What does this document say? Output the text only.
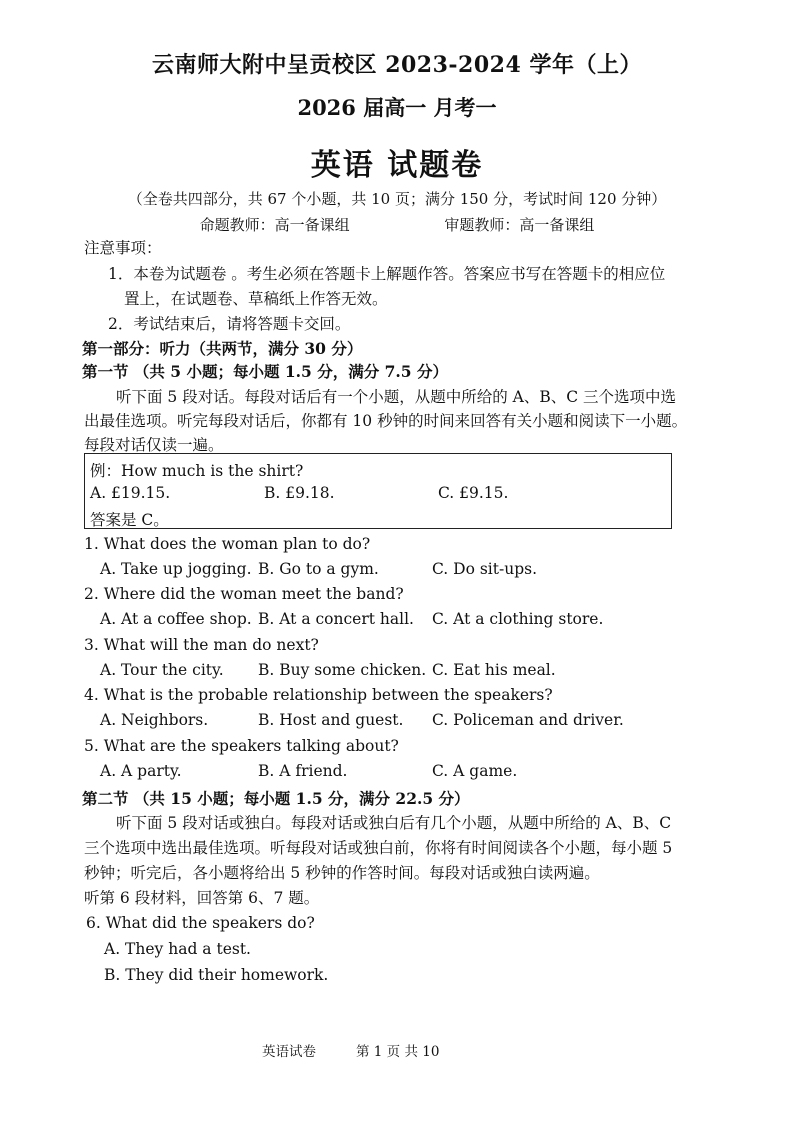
云南师大附中呈贡校区 2023-2024 学年（上）
2026 届高一 月考一
英语 试题卷
（全卷共四部分，共 67 个小题，共 10 页；满分 150 分，考试时间 120 分钟）
命题教师：高一备课组	审题教师：高一备课组
注意事项：
1．本卷为试题卷 。考生必须在答题卡上解题作答。答案应书写在答题卡的相应位
置上，在试题卷、草稿纸上作答无效。
2．考试结束后，请将答题卡交回。
第一部分：听力（共两节，满分 30 分）
第一节 （共 5 小题；每小题 1.5 分，满分 7.5 分）
听下面 5 段对话。每段对话后有一个小题，从题中所给的 A、B、C 三个选项中选
出最佳选项。听完每段对话后，你都有 10 秒钟的时间来回答有关小题和阅读下一小题。
每段对话仅读一遍。
例：How much is the shirt?
A. £19.15.	B. £9.18.	C. £9.15.
答案是 C。
1. What does the woman plan to do?
A. Take up jogging. B. Go to a gym.	C. Do sit-ups.
2. Where did the woman meet the band?
A. At a coffee shop. B. At a concert hall. C. At a clothing store.
3. What will the man do next?
A. Tour the city. B. Buy some chicken. C. Eat his meal.
4. What is the probable relationship between the speakers?
A. Neighbors.	B. Host and guest. C. Policeman and driver.
5. What are the speakers talking about?
A. A party.	B. A friend.	C. A game.
第二节 （共 15 小题；每小题 1.5 分，满分 22.5 分）
听下面 5 段对话或独白。每段对话或独白后有几个小题，从题中所给的 A、B、C
三个选项中选出最佳选项。听每段对话或独白前，你将有时间阅读各个小题，每小题 5
秒钟；听完后，各小题将给出 5 秒钟的作答时间。每段对话或独白读两遍。
听第 6 段材料，回答第 6、7 题。
6. What did the speakers do?
A. They had a test.
B. They did their homework.
英语试卷	第 1 页 共 10
